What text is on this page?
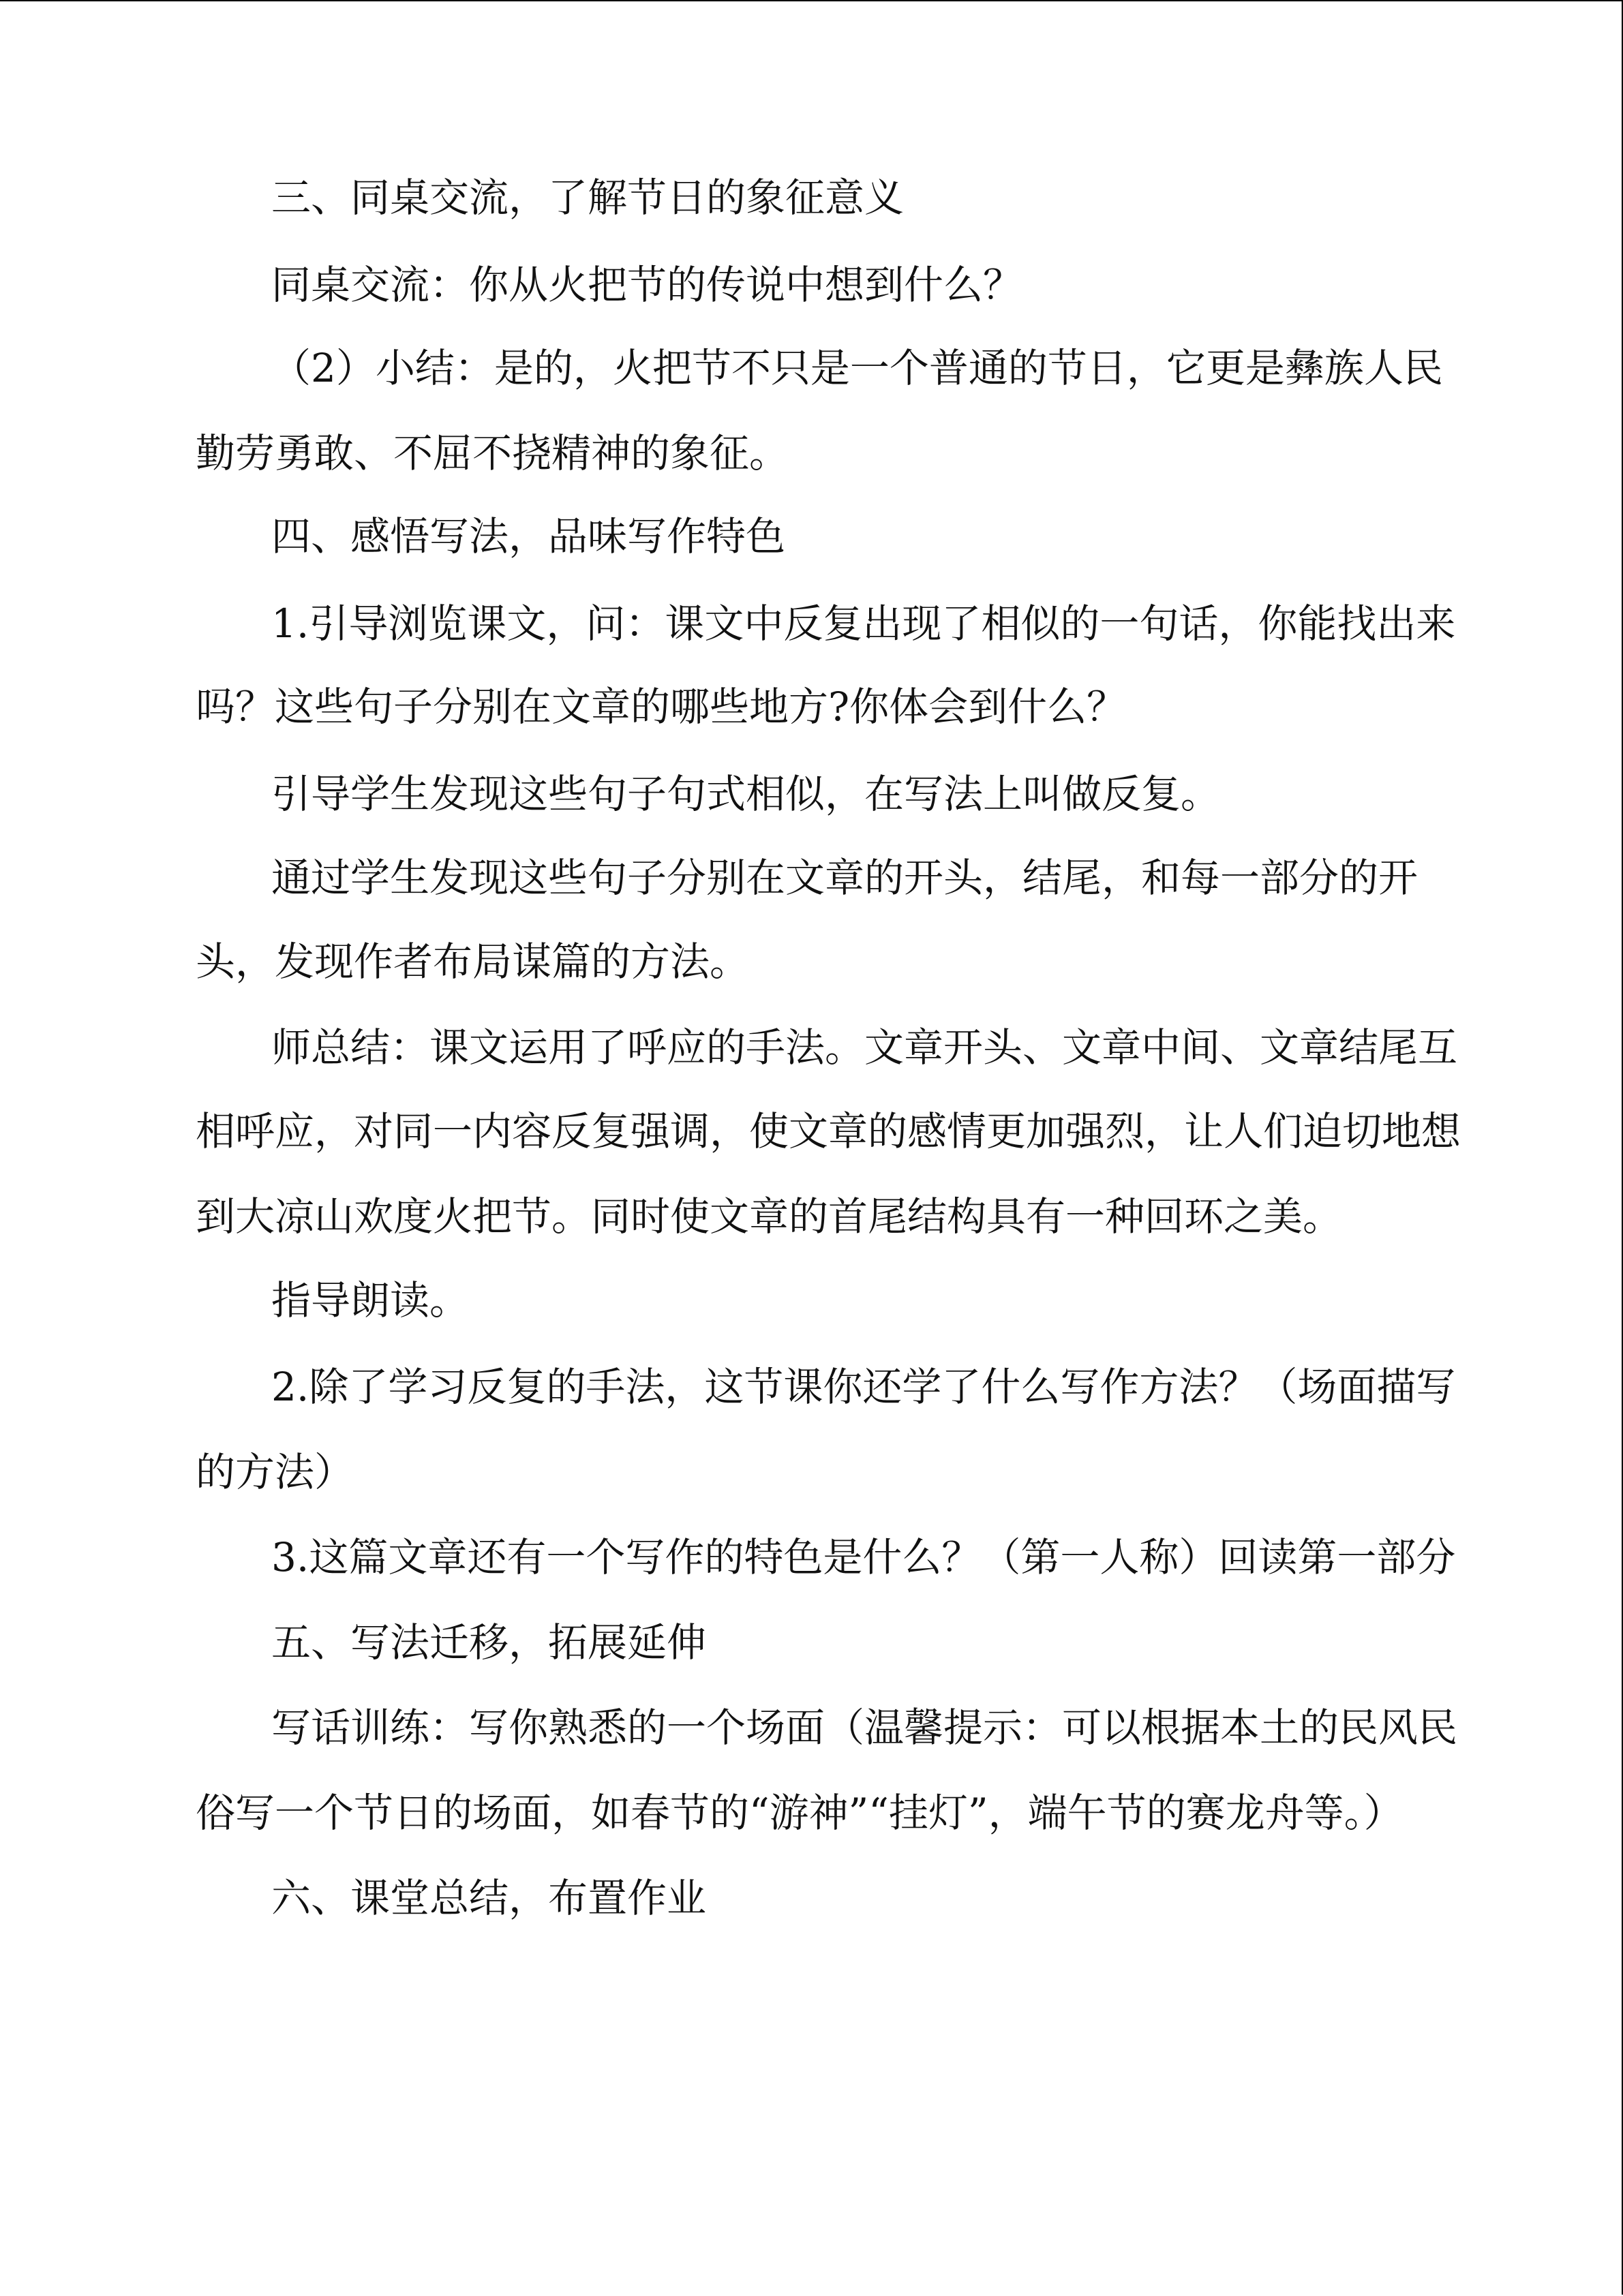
三、同桌交流，了解节日的象征意义
同桌交流：你从火把节的传说中想到什么？
（2）小结：是的，火把节不只是一个普通的节日，它更是彝族人民
勤劳勇敢、不屈不挠精神的象征。
四、感悟写法，品味写作特色
1.引导浏览课文，问：课文中反复出现了相似的一句话，你能找出来
吗？这些句子分别在文章的哪些地方?你体会到什么？
引导学生发现这些句子句式相似，在写法上叫做反复。
通过学生发现这些句子分别在文章的开头，结尾，和每一部分的开
头，发现作者布局谋篇的方法。
师总结：课文运用了呼应的手法。文章开头、文章中间、文章结尾互
相呼应，对同一内容反复强调，使文章的感情更加强烈，让人们迫切地想
到大凉山欢度火把节。同时使文章的首尾结构具有一种回环之美。
指导朗读。
2.除了学习反复的手法，这节课你还学了什么写作方法？（场面描写
的方法）
3.这篇文章还有一个写作的特色是什么？（第一人称）回读第一部分
五、写法迁移，拓展延伸
写话训练：写你熟悉的一个场面（温馨提示：可以根据本土的民风民
俗写一个节日的场面，如春节的“游神”“挂灯”，端午节的赛龙舟等。）
六、课堂总结，布置作业
